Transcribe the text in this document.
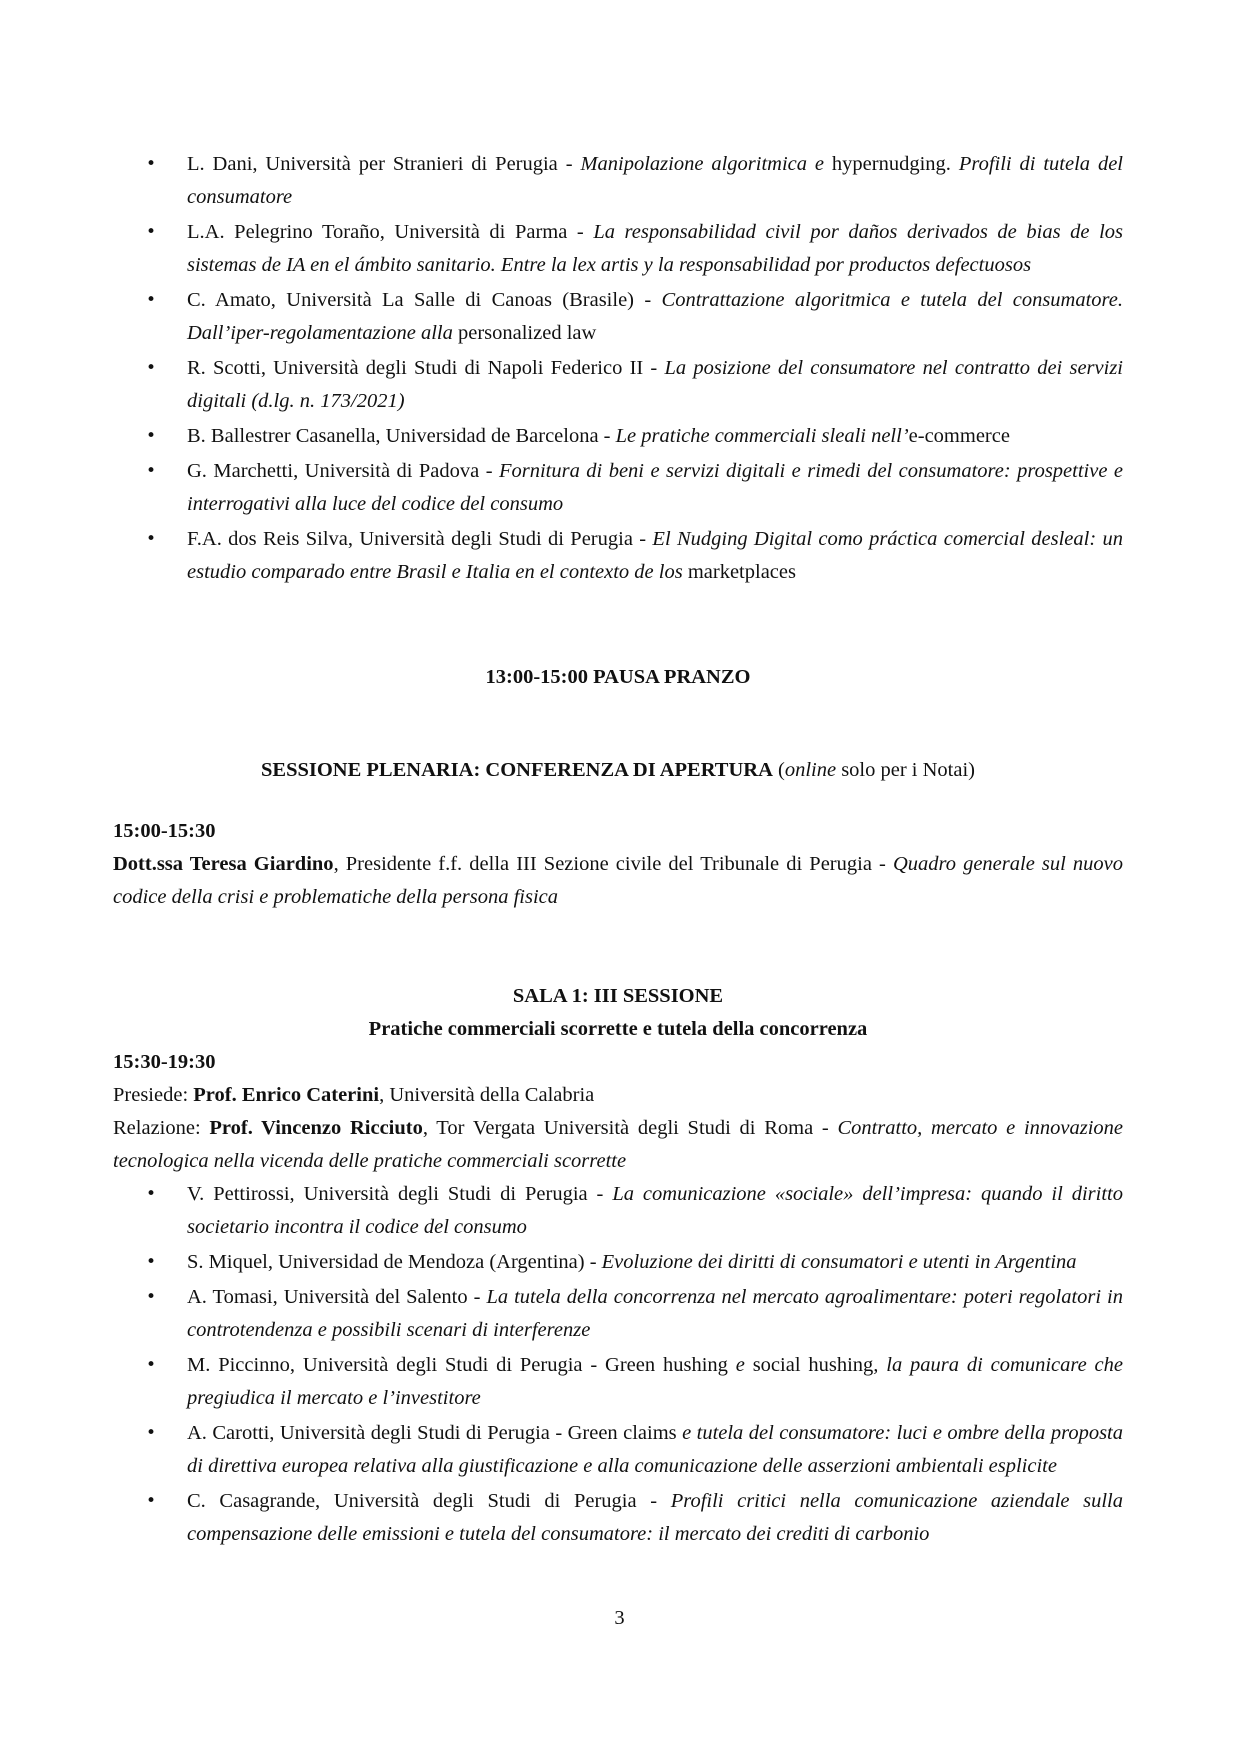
• L. Dani, Università per Stranieri di Perugia - Manipolazione algoritmica e hypernudging. Profili di tutela del consumatore
• L.A. Pelegrino Toraño, Università di Parma - La responsabilidad civil por daños derivados de bias de los sistemas de IA en el ámbito sanitario. Entre la lex artis y la responsabilidad por productos defectuosos
• C. Amato, Università La Salle di Canoas (Brasile) - Contrattazione algoritmica e tutela del consumatore. Dall’iper-regolamentazione alla personalized law
• R. Scotti, Università degli Studi di Napoli Federico II - La posizione del consumatore nel contratto dei servizi digitali (d.lg. n. 173/2021)
• B. Ballestrer Casanella, Universidad de Barcelona - Le pratiche commerciali sleali nell’e-commerce
• G. Marchetti, Università di Padova - Fornitura di beni e servizi digitali e rimedi del consumatore: prospettive e interrogativi alla luce del codice del consumo
• F.A. dos Reis Silva, Università degli Studi di Perugia - El Nudging Digital como práctica comercial desleal: un estudio comparado entre Brasil e Italia en el contexto de los marketplaces

13:00-15:00 PAUSA PRANZO

SESSIONE PLENARIA: CONFERENZA DI APERTURA (online solo per i Notai)

15:00-15:30

Dott.ssa Teresa Giardino, Presidente f.f. della III Sezione civile del Tribunale di Perugia - Quadro generale sul nuovo codice della crisi e problematiche della persona fisica

SALA 1: III SESSIONE

Pratiche commerciali scorrette e tutela della concorrenza

15:30-19:30

Presiede: Prof. Enrico Caterini, Università della Calabria

Relazione: Prof. Vincenzo Ricciuto, Tor Vergata Università degli Studi di Roma - Contratto, mercato e innovazione tecnologica nella vicenda delle pratiche commerciali scorrette

• V. Pettirossi, Università degli Studi di Perugia - La comunicazione «sociale» dell’impresa: quando il diritto societario incontra il codice del consumo
• S. Miquel, Universidad de Mendoza (Argentina) - Evoluzione dei diritti di consumatori e utenti in Argentina
• A. Tomasi, Università del Salento - La tutela della concorrenza nel mercato agroalimentare: poteri regolatori in controtendenza e possibili scenari di interferenze
• M. Piccinno, Università degli Studi di Perugia - Green hushing e social hushing, la paura di comunicare che pregiudica il mercato e l’investitore
• A. Carotti, Università degli Studi di Perugia - Green claims e tutela del consumatore: luci e ombre della proposta di direttiva europea relativa alla giustificazione e alla comunicazione delle asserzioni ambientali esplicite
• C. Casagrande, Università degli Studi di Perugia - Profili critici nella comunicazione aziendale sulla compensazione delle emissioni e tutela del consumatore: il mercato dei crediti di carbonio
3
